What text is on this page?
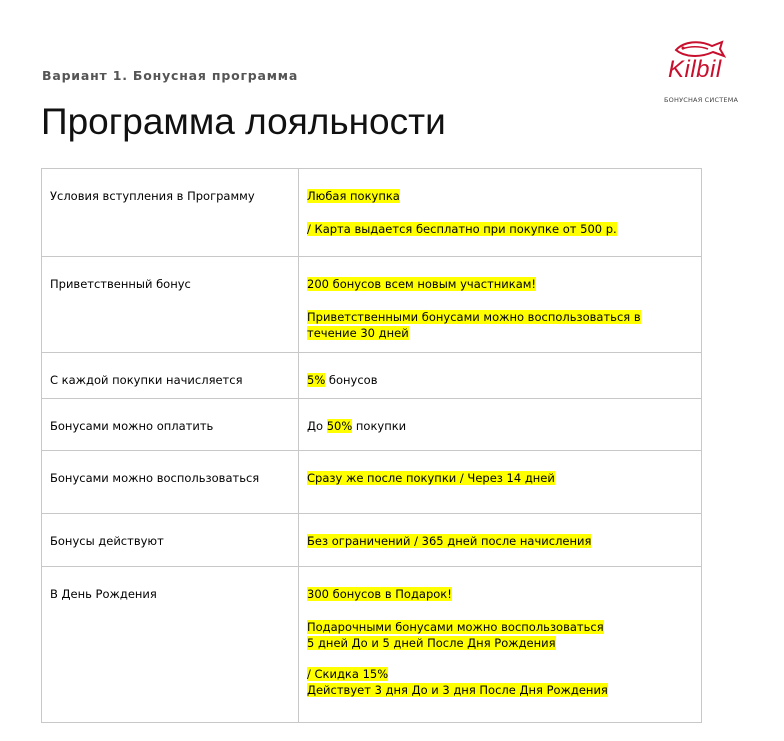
Вариант 1. Бонусная программа
Программа лояльности
Kilbil
БОНУСНАЯ СИСТЕМА
Условия вступления в Программу	Любая покупка
/ Карта выдается бесплатно при покупке от 500 р.

Приветственный бонус	200 бонусов всем новым участникам!
Приветственными бонусами можно воспользоваться в течение 30 дней

С каждой покупки начисляется	5% бонусов
Бонусами можно оплатить	До 50% покупки
Бонусами можно воспользоваться	Сразу же после покупки / Через 14 дней
Бонусы действуют	Без ограничений / 365 дней после начисления
В День Рождения	300 бонусов в Подарок!
Подарочными бонусами можно воспользоваться
5 дней До и 5 дней После Дня Рождения
/ Скидка 15%
Действует 3 дня До и 3 дня После Дня Рождения
